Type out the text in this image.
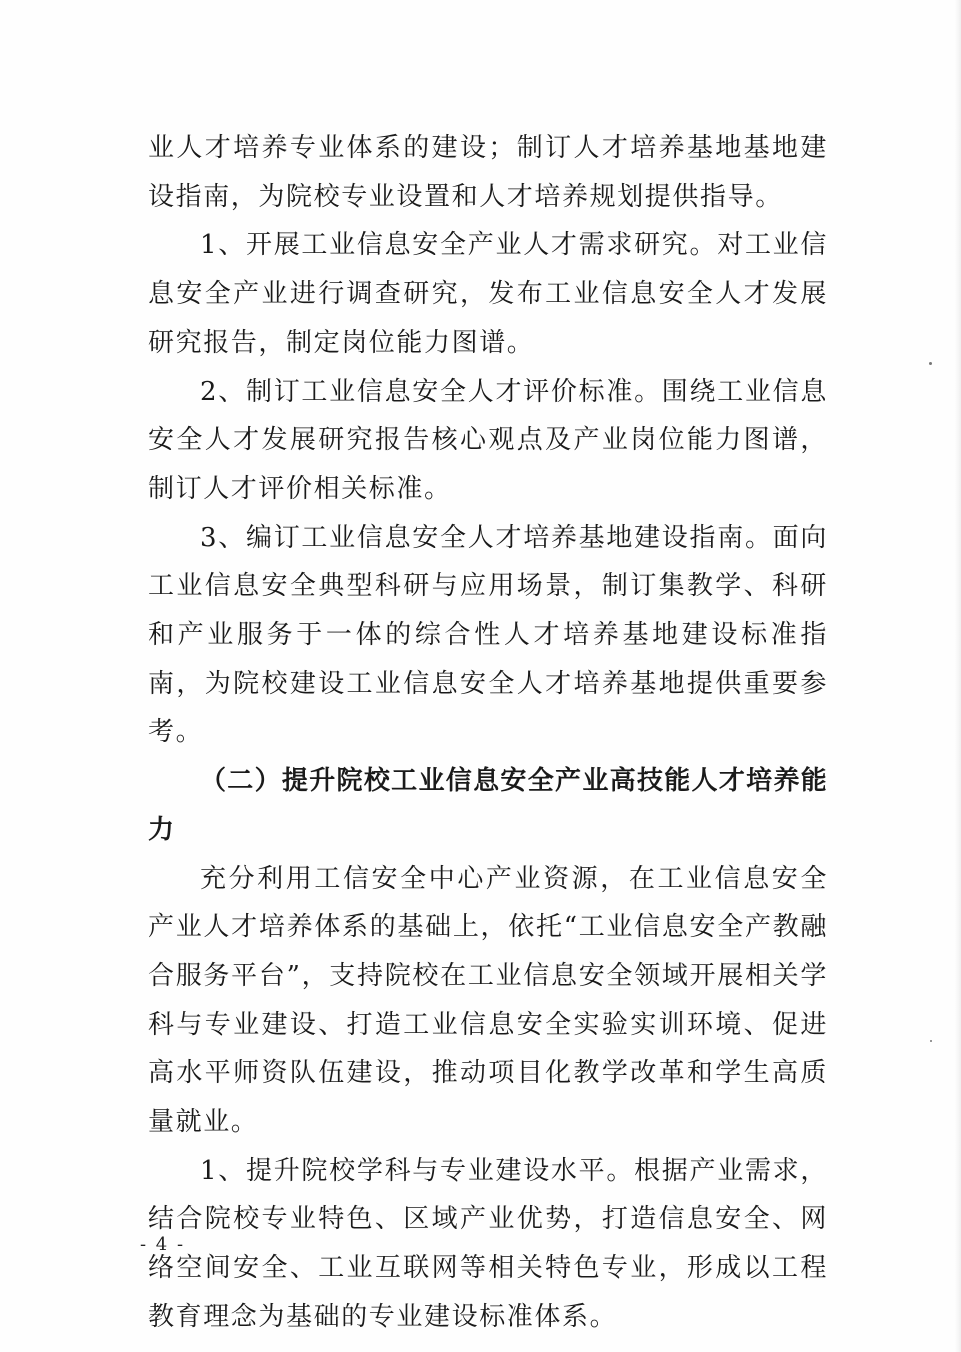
业人才培养专业体系的建设；制订人才培养基地基地建设指南，为院校专业设置和人才培养规划提供指导。

1、开展工业信息安全产业人才需求研究。对工业信息安全产业进行调查研究，发布工业信息安全人才发展研究报告，制定岗位能力图谱。

2、制订工业信息安全人才评价标准。围绕工业信息安全人才发展研究报告核心观点及产业岗位能力图谱，制订人才评价相关标准。

3、编订工业信息安全人才培养基地建设指南。面向工业信息安全典型科研与应用场景，制订集教学、科研和产业服务于一体的综合性人才培养基地建设标准指南，为院校建设工业信息安全人才培养基地提供重要参考。

（二）提升院校工业信息安全产业高技能人才培养能力

充分利用工信安全中心产业资源，在工业信息安全产业人才培养体系的基础上，依托“工业信息安全产教融合服务平台”，支持院校在工业信息安全领域开展相关学科与专业建设、打造工业信息安全实验实训环境、促进高水平师资队伍建设，推动项目化教学改革和学生高质量就业。

1、提升院校学科与专业建设水平。根据产业需求，结合院校专业特色、区域产业优势，打造信息安全、网络空间安全、工业互联网等相关特色专业，形成以工程教育理念为基础的专业建设标准体系。

- 4 -
